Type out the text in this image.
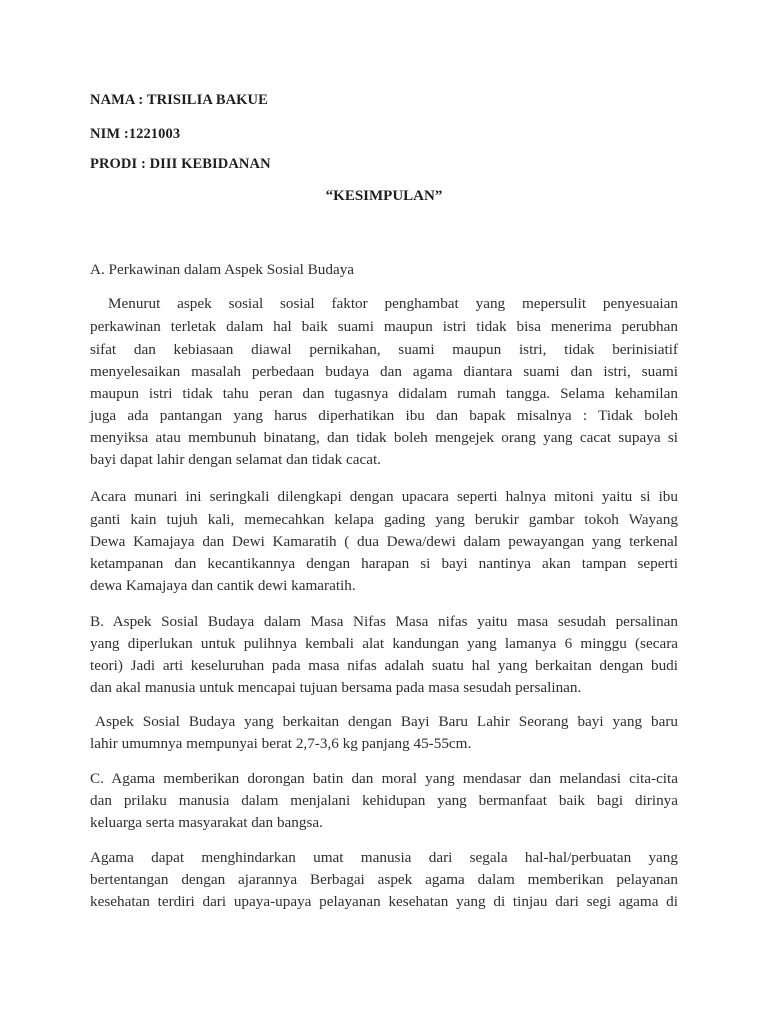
NAMA : TRISILIA BAKUE
NIM :1221003
PRODI : DIII KEBIDANAN
“KESIMPULAN”
A. Perkawinan dalam Aspek Sosial Budaya
Menurut aspek sosial sosial faktor penghambat yang mepersulit penyesuaian
perkawinan terletak dalam hal baik suami maupun istri tidak bisa menerima perubhan
sifat dan kebiasaan diawal pernikahan, suami maupun istri, tidak berinisiatif
menyelesaikan masalah perbedaan budaya dan agama diantara suami dan istri, suami
maupun istri tidak tahu peran dan tugasnya didalam rumah tangga. Selama kehamilan
juga ada pantangan yang harus diperhatikan ibu dan bapak misalnya : Tidak boleh
menyiksa atau membunuh binatang, dan tidak boleh mengejek orang yang cacat supaya si
bayi dapat lahir dengan selamat dan tidak cacat.
Acara munari ini seringkali dilengkapi dengan upacara seperti halnya mitoni yaitu si ibu
ganti kain tujuh kali, memecahkan kelapa gading yang berukir gambar tokoh Wayang
Dewa Kamajaya dan Dewi Kamaratih ( dua Dewa/dewi dalam pewayangan yang terkenal
ketampanan dan kecantikannya dengan harapan si bayi nantinya akan tampan seperti
dewa Kamajaya dan cantik dewi kamaratih.
B. Aspek Sosial Budaya dalam Masa Nifas Masa nifas yaitu masa sesudah persalinan
yang diperlukan untuk pulihnya kembali alat kandungan yang lamanya 6 minggu (secara
teori) Jadi arti keseluruhan pada masa nifas adalah suatu hal yang berkaitan dengan budi
dan akal manusia untuk mencapai tujuan bersama pada masa sesudah persalinan.
Aspek Sosial Budaya yang berkaitan dengan Bayi Baru Lahir Seorang bayi yang baru
lahir umumnya mempunyai berat 2,7-3,6 kg panjang 45-55cm.
C. Agama memberikan dorongan batin dan moral yang mendasar dan melandasi cita-cita
dan prilaku manusia dalam menjalani kehidupan yang bermanfaat baik bagi dirinya
keluarga serta masyarakat dan bangsa.
Agama dapat menghindarkan umat manusia dari segala hal-hal/perbuatan yang
bertentangan dengan ajarannya Berbagai aspek agama dalam memberikan pelayanan
kesehatan terdiri dari upaya-upaya pelayanan kesehatan yang di tinjau dari segi agama di
